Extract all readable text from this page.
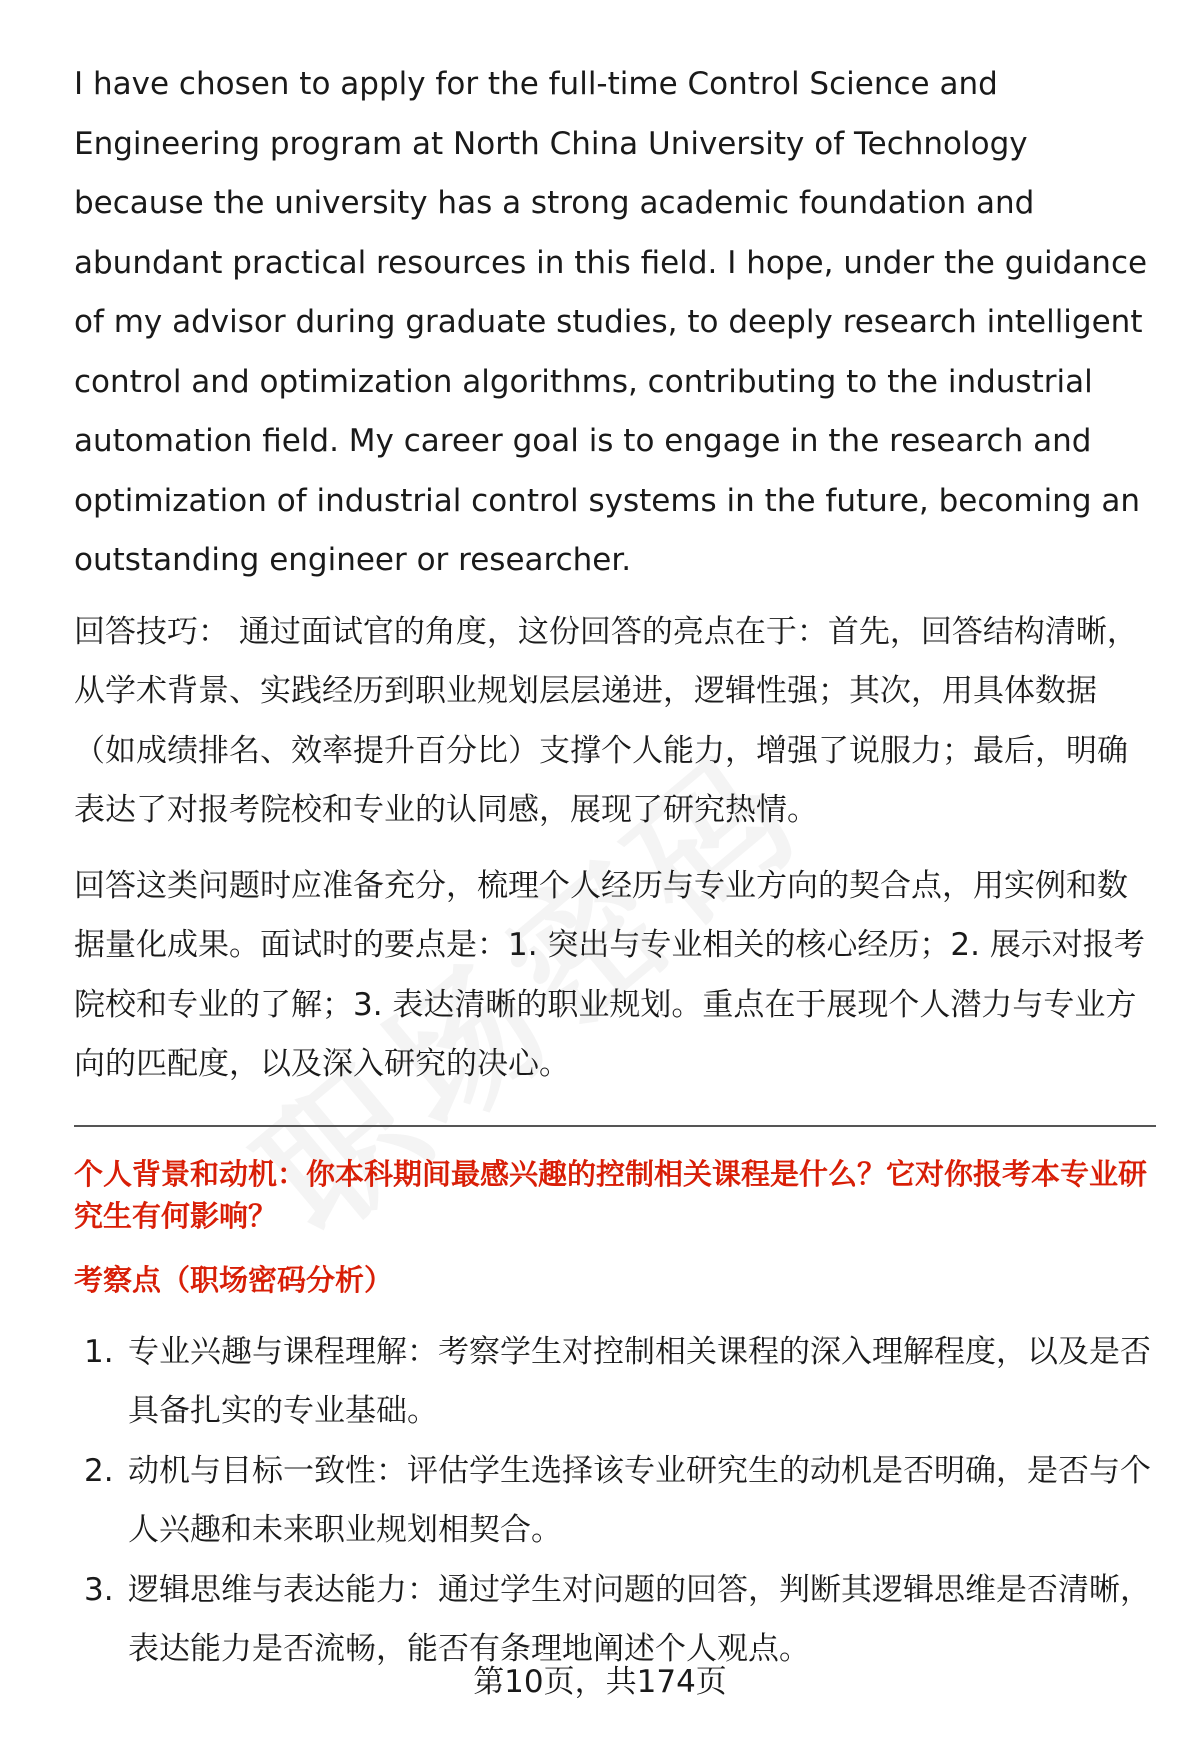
I have chosen to apply for the full-time Control Science and Engineering program at North China University of Technology because the university has a strong academic foundation and abundant practical resources in this field. I hope, under the guidance of my advisor during graduate studies, to deeply research intelligent control and optimization algorithms, contributing to the industrial automation field. My career goal is to engage in the research and optimization of industrial control systems in the future, becoming an outstanding engineer or researcher.

回答技巧： 通过面试官的角度，这份回答的亮点在于：首先，回答结构清晰，从学术背景、实践经历到职业规划层层递进，逻辑性强；其次，用具体数据（如成绩排名、效率提升百分比）支撑个人能力，增强了说服力；最后，明确表达了对报考院校和专业的认同感，展现了研究热情。

回答这类问题时应准备充分，梳理个人经历与专业方向的契合点，用实例和数据量化成果。面试时的要点是：1. 突出与专业相关的核心经历；2. 展示对报考院校和专业的了解；3. 表达清晰的职业规划。重点在于展现个人潜力与专业方向的匹配度，以及深入研究的决心。

个人背景和动机：你本科期间最感兴趣的控制相关课程是什么？它对你报考本专业研究生有何影响？

考察点（职场密码分析）

1. 专业兴趣与课程理解：考察学生对控制相关课程的深入理解程度，以及是否具备扎实的专业基础。
2. 动机与目标一致性：评估学生选择该专业研究生的动机是否明确，是否与个人兴趣和未来职业规划相契合。
3. 逻辑思维与表达能力：通过学生对问题的回答，判断其逻辑思维是否清晰，表达能力是否流畅，能否有条理地阐述个人观点。
第10页，共174页
